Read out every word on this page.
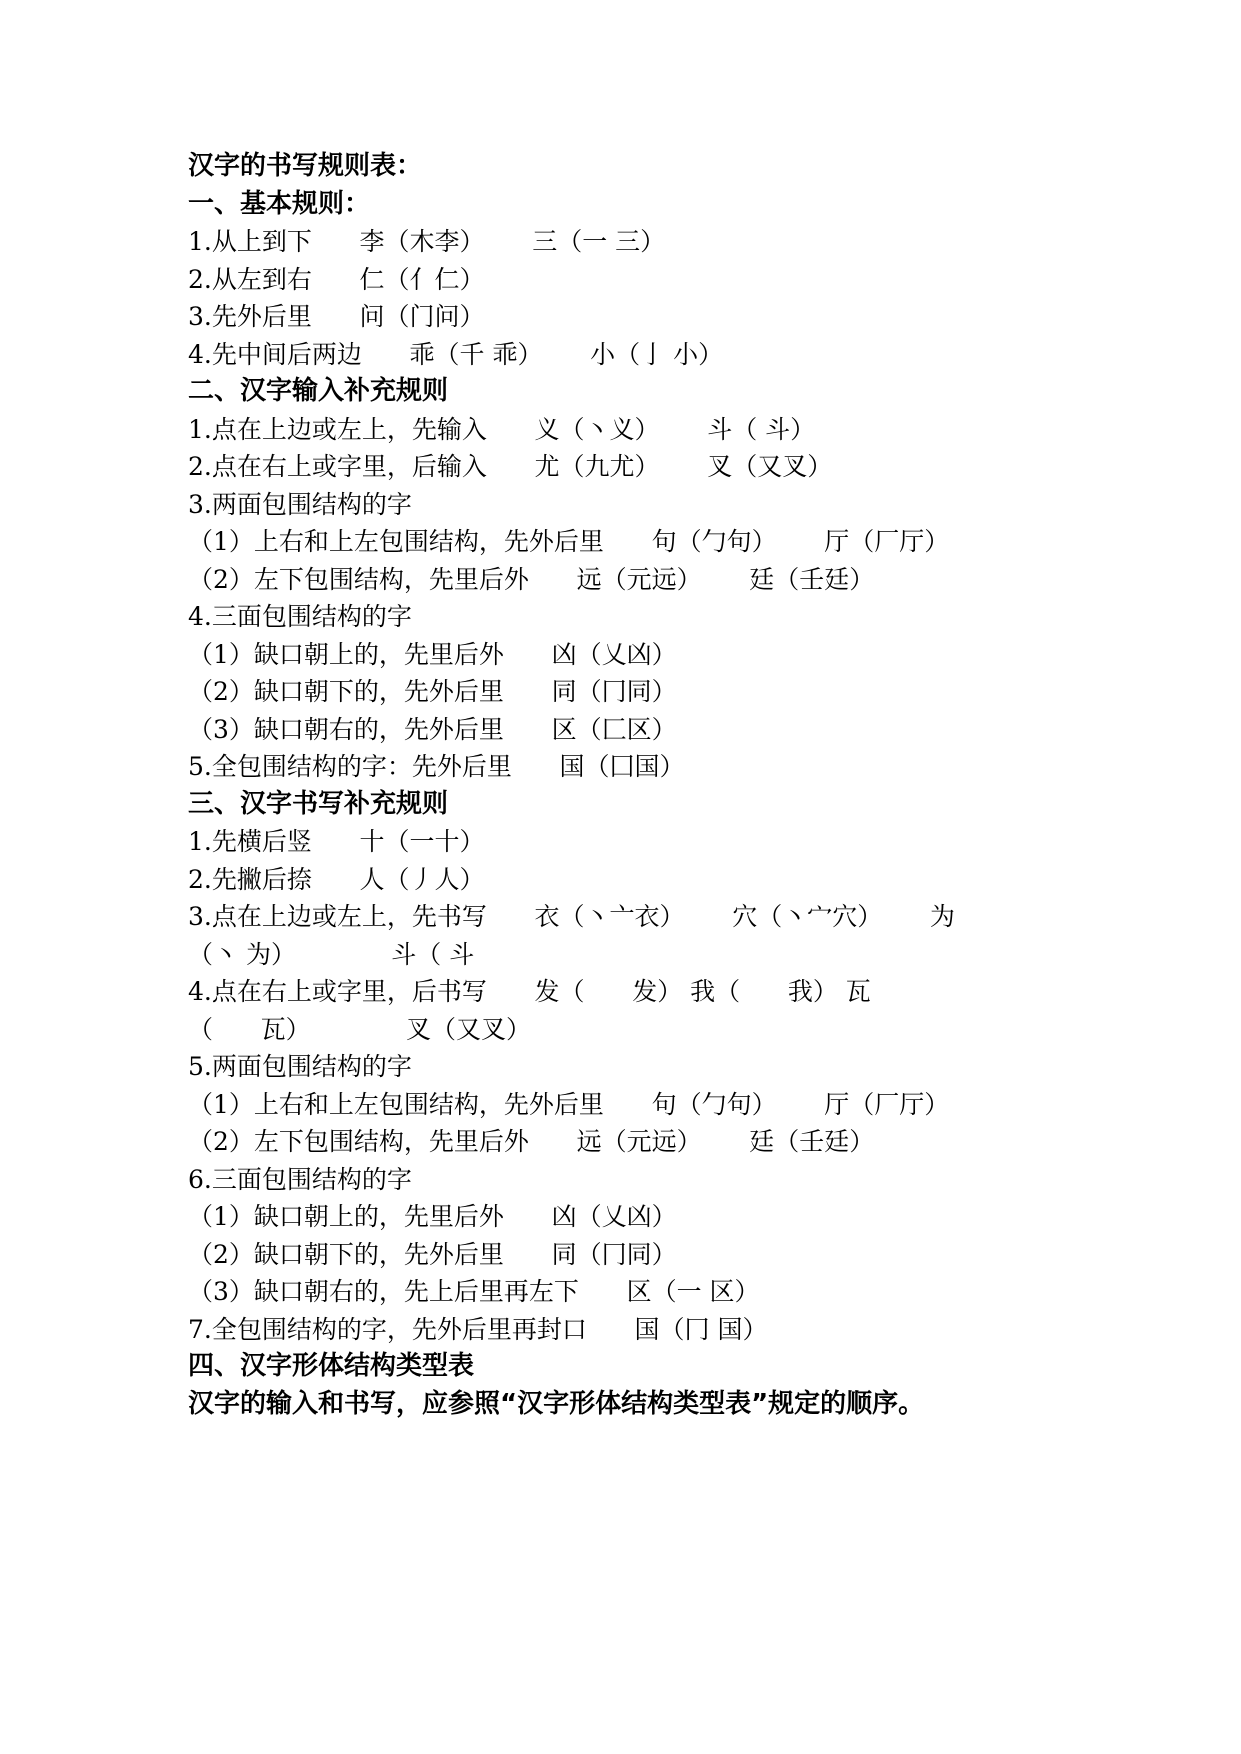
汉字的书写规则表：
一、基本规则：
1.从上到下      李（木李）      三（一 三）
2.从左到右      仁（亻仁）
3.先外后里      问（门问）
4.先中间后两边      乖（千 乖）      小（亅 小）
二、汉字输入补充规则
1.点在上边或左上，先输入      义（丶义）      斗（ 斗）
2.点在右上或字里，后输入      尤（九尤）      叉（又叉）
3.两面包围结构的字
（1）上右和上左包围结构，先外后里      句（勹句）      厅（厂厅）
（2）左下包围结构，先里后外      远（元远）      廷（壬廷）
4.三面包围结构的字
（1）缺口朝上的，先里后外      凶（乂凶）
（2）缺口朝下的，先外后里      同（冂同）
（3）缺口朝右的，先外后里      区（匚区）
5.全包围结构的字：先外后里      国（囗国）
三、汉字书写补充规则
1.先横后竖      十（一十）
2.先撇后捺      人（丿人）
3.点在上边或左上，先书写      衣（丶亠衣）      穴（丶宀穴）      为
（丶 为）            斗（ 斗
4.点在右上或字里，后书写      发（      发） 我（      我） 瓦
（      瓦）            叉（又叉）
5.两面包围结构的字
（1）上右和上左包围结构，先外后里      句（勹句）      厅（厂厅）
（2）左下包围结构，先里后外      远（元远）      廷（壬廷）
6.三面包围结构的字
（1）缺口朝上的，先里后外      凶（乂凶）
（2）缺口朝下的，先外后里      同（冂同）
（3）缺口朝右的，先上后里再左下      区（一 区）
7.全包围结构的字，先外后里再封口      国（冂 国）
四、汉字形体结构类型表
汉字的输入和书写，应参照“汉字形体结构类型表”规定的顺序。
